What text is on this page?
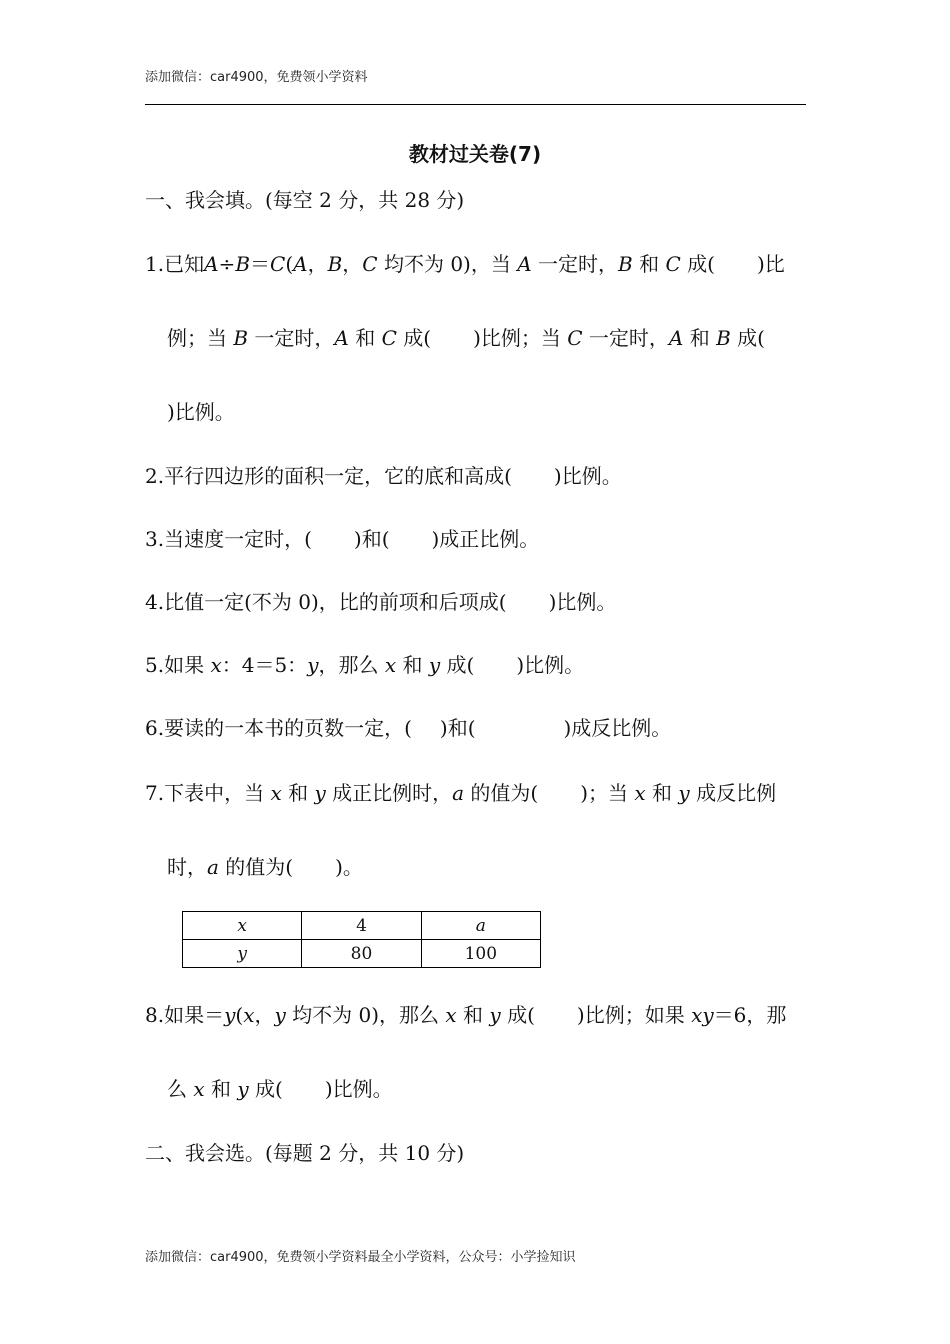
添加微信：car4900，免费领小学资料
教材过关卷(7)
一、我会填。(每空 2 分，共 28 分)
1.已知A÷B＝C(A，B，C 均不为 0)，当 A 一定时，B 和 C 成( )比
例；当 B 一定时，A 和 C 成( )比例；当 C 一定时，A 和 B 成(
)比例。
2.平行四边形的面积一定，它的底和高成( )比例。
3.当速度一定时，( )和( )成正比例。
4.比值一定(不为 0)，比的前项和后项成( )比例。
5.如果 x：4＝5：y，那么 x 和 y 成( )比例。
6.要读的一本书的页数一定，( )和(	)成反比例。
7.下表中，当 x 和 y 成正比例时，a 的值为( )；当 x 和 y 成反比例
时，a 的值为( )。
x	4	a
y	80	100
8.如果＝y(x，y 均不为 0)，那么 x 和 y 成( )比例；如果 xy＝6，那
么 x 和 y 成( )比例。
二、我会选。(每题 2 分，共 10 分)
添加微信：car4900，免费领小学资料最全小学资料，公众号：小学捡知识
